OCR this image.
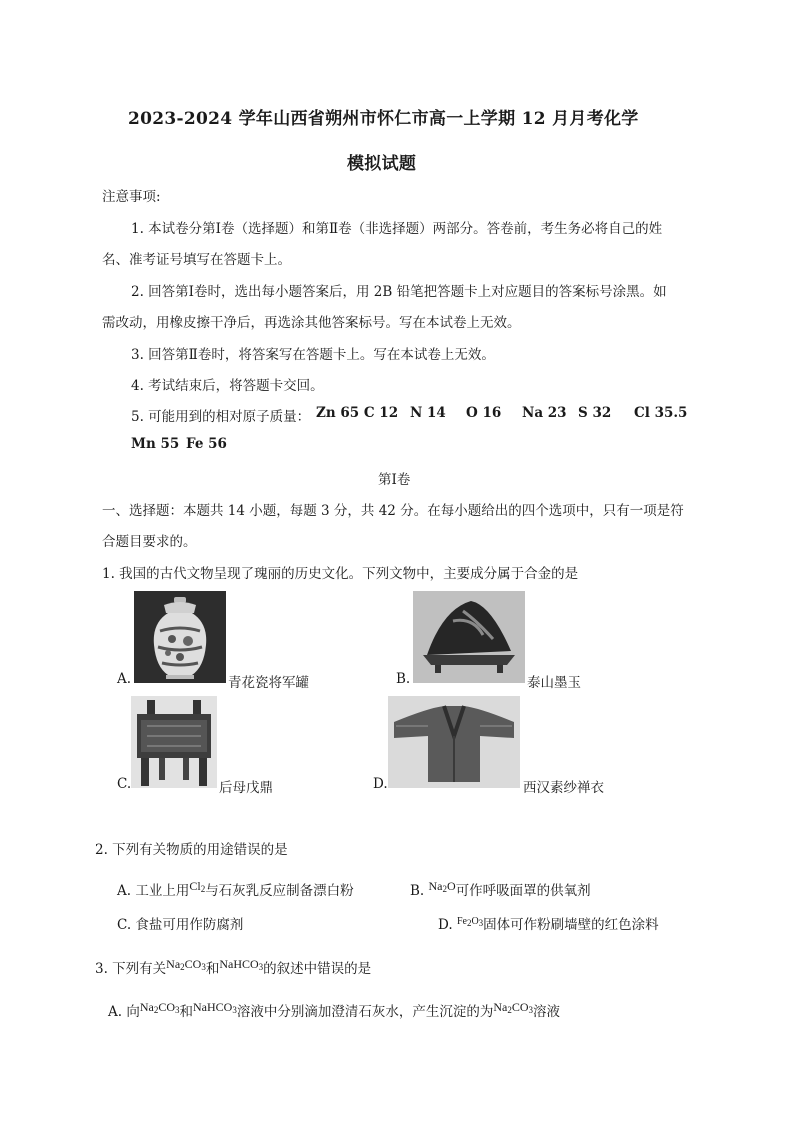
2023-2024 学年山西省朔州市怀仁市高一上学期 12 月月考化学
模拟试题
注意事项:
1. 本试卷分第Ⅰ卷（选择题）和第Ⅱ卷（非选择题）两部分。答卷前，考生务必将自己的姓
名、准考证号填写在答题卡上。
2. 回答第Ⅰ卷时，选出每小题答案后，用 2B 铅笔把答题卡上对应题目的答案标号涂黑。如
需改动，用橡皮擦干净后，再选涂其他答案标号。写在本试卷上无效。
3. 回答第Ⅱ卷时，将答案写在答题卡上。写在本试卷上无效。
4. 考试结束后，将答题卡交回。
5. 可能用到的相对原子质量： Zn 65 C 12 N 14 O 16 Na 23 S 32 Cl 35.5
Mn 55 Fe 56
第Ⅰ卷
一、选择题：本题共 14 小题，每题 3 分，共 42 分。在每小题给出的四个选项中，只有一项是符
合题目要求的。
1. 我国的古代文物呈现了瑰丽的历史文化。下列文物中，主要成分属于合金的是
A.	青花瓷将军罐	B.	泰山墨玉
C.	后母戊鼎	D.	西汉素纱禅衣
2. 下列有关物质的用途错误的是
A. 工业上用$Cl_2$与石灰乳反应制备漂白粉	B. $Na_2O$可作呼吸面罩的供氧剂
C. 食盐可用作防腐剂	D. $^{Fe_2O_3}$固体可作粉刷墙壁的红色涂料
3. 下列有关$Na_2CO_3$和NaHCO$_3$的叙述中错误的是
A. 向$Na_2CO_3$和NaHCO$_3$溶液中分别滴加澄清石灰水，产生沉淀的为$Na_2CO_3$溶液
